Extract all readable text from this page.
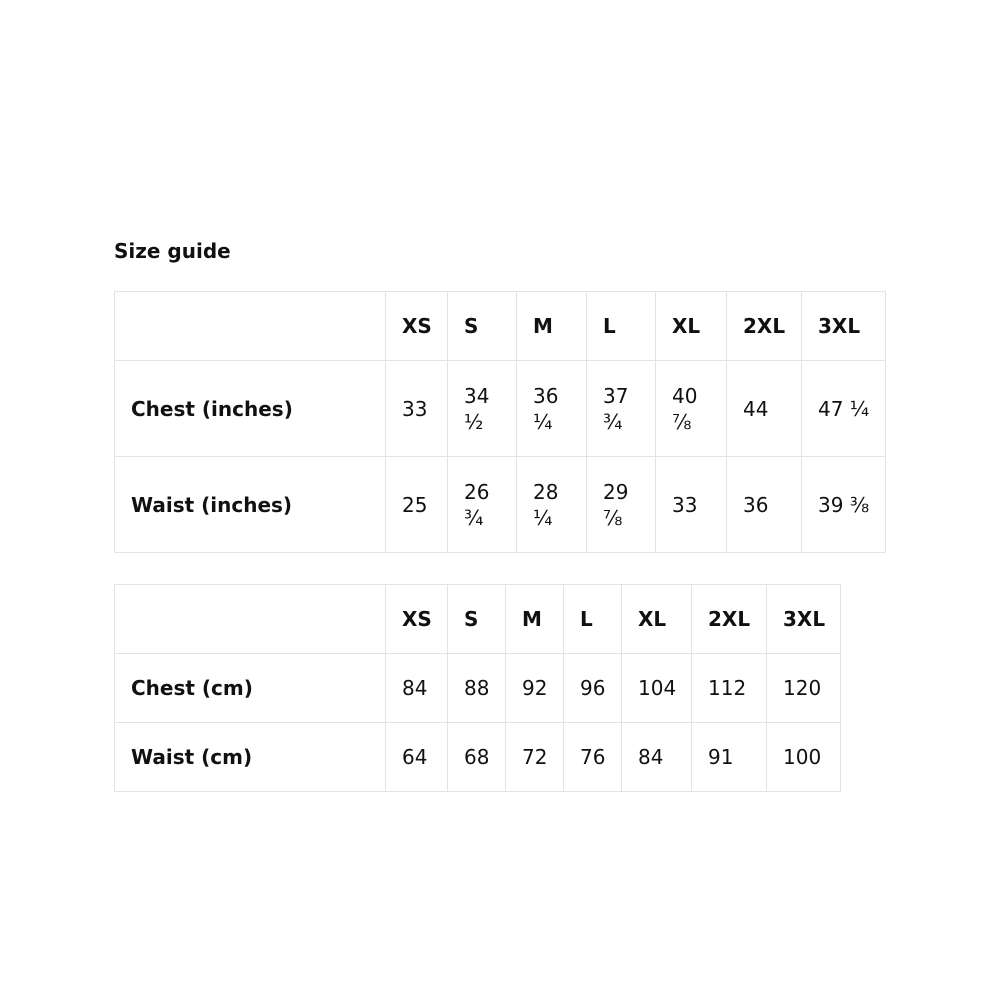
Size guide
	XS	S	M	L	XL	2XL	3XL
Chest (inches)	33	34 ½	36 ¼	37 ¾	40 ⅞	44	47 ¼
Waist (inches)	25	26 ¾	28 ¼	29 ⅞	33	36	39 ⅜
	XS	S	M	L	XL	2XL	3XL
Chest (cm)	84	88	92	96	104	112	120
Waist (cm)	64	68	72	76	84	91	100
